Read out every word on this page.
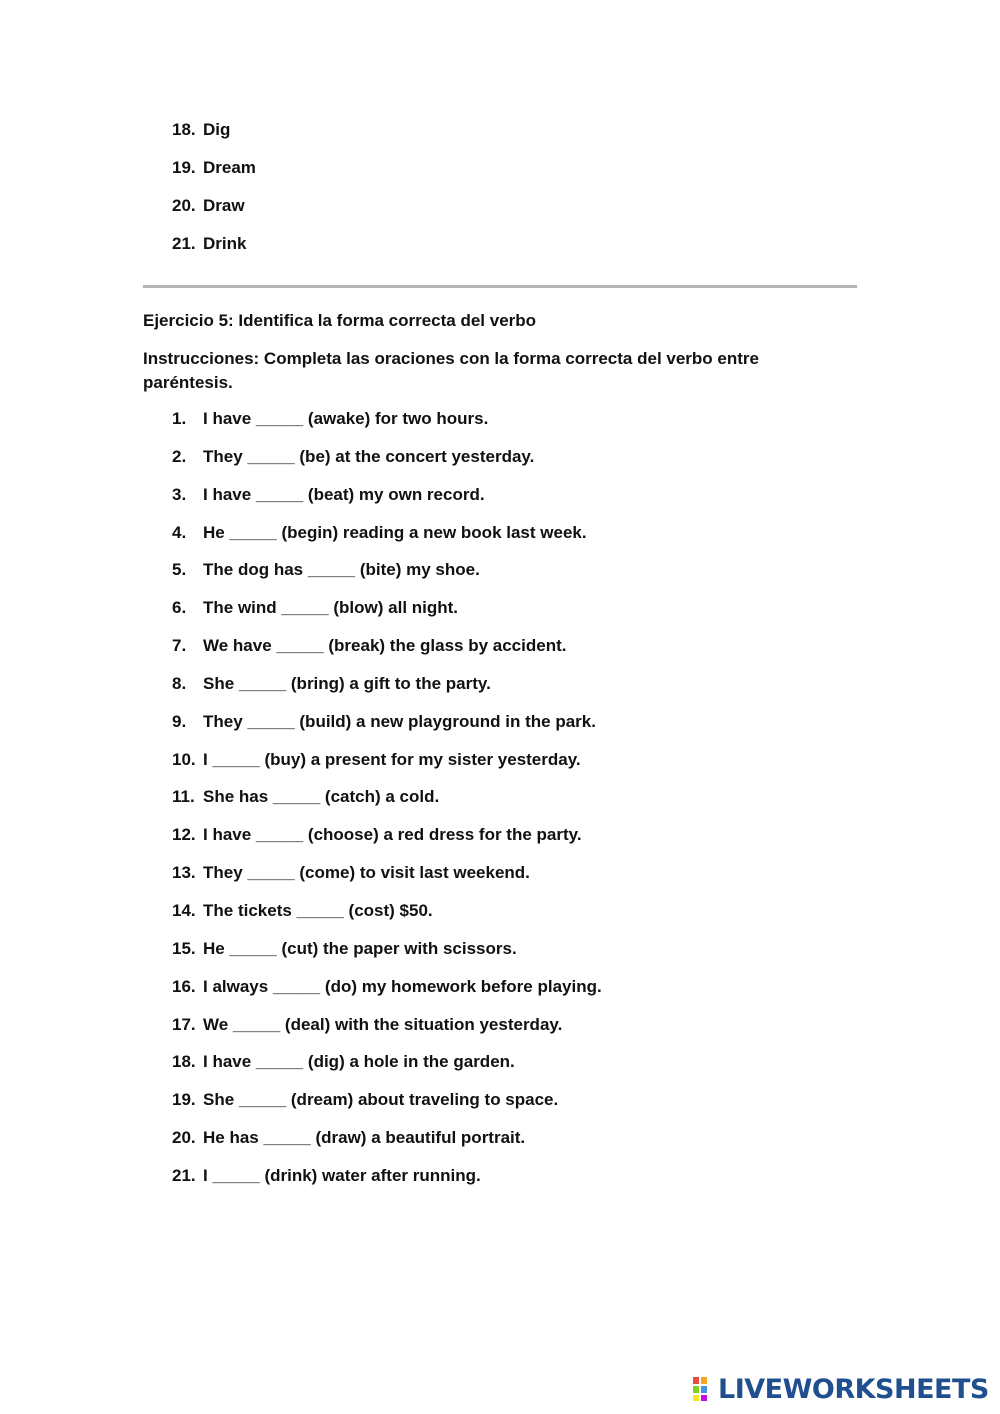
18. Dig
19. Dream
20. Draw
21. Drink
Ejercicio 5: Identifica la forma correcta del verbo
Instrucciones: Completa las oraciones con la forma correcta del verbo entre paréntesis.
1. I have _____ (awake) for two hours.
2. They _____ (be) at the concert yesterday.
3. I have _____ (beat) my own record.
4. He _____ (begin) reading a new book last week.
5. The dog has _____ (bite) my shoe.
6. The wind _____ (blow) all night.
7. We have _____ (break) the glass by accident.
8. She _____ (bring) a gift to the party.
9. They _____ (build) a new playground in the park.
10. I _____ (buy) a present for my sister yesterday.
11. She has _____ (catch) a cold.
12. I have _____ (choose) a red dress for the party.
13. They _____ (come) to visit last weekend.
14. The tickets _____ (cost) $50.
15. He _____ (cut) the paper with scissors.
16. I always _____ (do) my homework before playing.
17. We _____ (deal) with the situation yesterday.
18. I have _____ (dig) a hole in the garden.
19. She _____ (dream) about traveling to space.
20. He has _____ (draw) a beautiful portrait.
21. I _____ (drink) water after running.
LIVEWORKSHEETS
